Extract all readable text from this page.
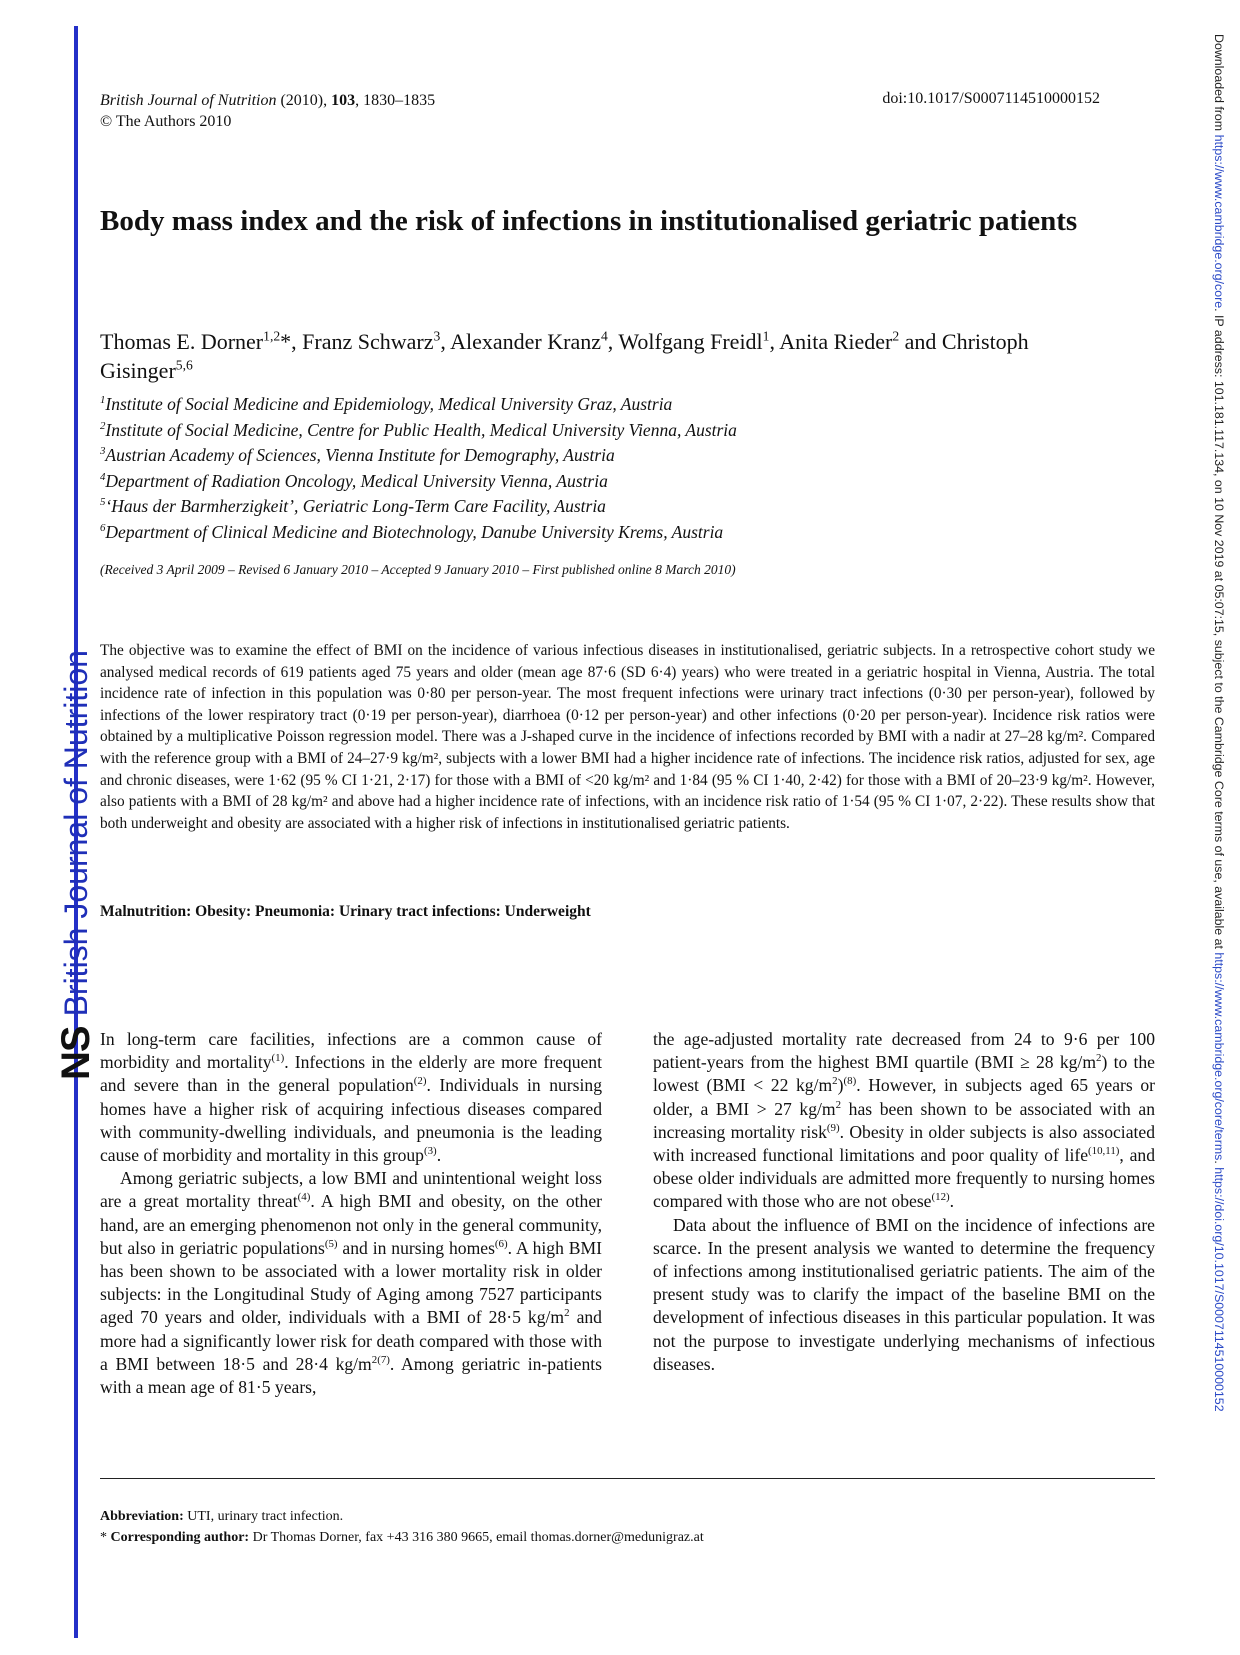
NS
British Journal of Nutrition
Downloaded from https://www.cambridge.org/core. IP address: 101.181.117.134, on 10 Nov 2019 at 05:07:15, subject to the Cambridge Core terms of use, available at https://www.cambridge.org/core/terms. https://doi.org/10.1017/S0007114510000152
British Journal of Nutrition (2010), 103, 1830–1835
© The Authors 2010
doi:10.1017/S0007114510000152
Body mass index and the risk of infections in institutionalised geriatric patients
Thomas E. Dorner$^{1,2}$*, Franz Schwarz$^3$, Alexander Kranz$^4$, Wolfgang Freidl$^1$, Anita Rieder$^2$ and Christoph Gisinger$^{5,6}$
$^1$Institute of Social Medicine and Epidemiology, Medical University Graz, Austria
$^2$Institute of Social Medicine, Centre for Public Health, Medical University Vienna, Austria
$^3$Austrian Academy of Sciences, Vienna Institute for Demography, Austria
$^4$Department of Radiation Oncology, Medical University Vienna, Austria
$^5$‘Haus der Barmherzigkeit’, Geriatric Long-Term Care Facility, Austria
$^6$Department of Clinical Medicine and Biotechnology, Danube University Krems, Austria
(Received 3 April 2009 – Revised 6 January 2010 – Accepted 9 January 2010 – First published online 8 March 2010)
The objective was to examine the effect of BMI on the incidence of various infectious diseases in institutionalised, geriatric subjects. In a retrospective cohort study we analysed medical records of 619 patients aged 75 years and older (mean age 87·6 (SD 6·4) years) who were treated in a geriatric hospital in Vienna, Austria. The total incidence rate of infection in this population was 0·80 per person-year. The most frequent infections were urinary tract infections (0·30 per person-year), followed by infections of the lower respiratory tract (0·19 per person-year), diarrhoea (0·12 per person-year) and other infections (0·20 per person-year). Incidence risk ratios were obtained by a multiplicative Poisson regression model. There was a J-shaped curve in the incidence of infections recorded by BMI with a nadir at 27–28 kg/m². Compared with the reference group with a BMI of 24–27·9 kg/m², subjects with a lower BMI had a higher incidence rate of infections. The incidence risk ratios, adjusted for sex, age and chronic diseases, were 1·62 (95 % CI 1·21, 2·17) for those with a BMI of <20 kg/m² and 1·84 (95 % CI 1·40, 2·42) for those with a BMI of 20–23·9 kg/m². However, also patients with a BMI of 28 kg/m² and above had a higher incidence rate of infections, with an incidence risk ratio of 1·54 (95 % CI 1·07, 2·22). These results show that both underweight and obesity are associated with a higher risk of infections in institutionalised geriatric patients.
Malnutrition: Obesity: Pneumonia: Urinary tract infections: Underweight

In long-term care facilities, infections are a common cause of morbidity and mortality$^{(1)}$. Infections in the elderly are more frequent and severe than in the general population$^{(2)}$. Individuals in nursing homes have a higher risk of acquiring infectious diseases compared with community-dwelling individuals, and pneumonia is the leading cause of morbidity and mortality in this group$^{(3)}$.

Among geriatric subjects, a low BMI and unintentional weight loss are a great mortality threat$^{(4)}$. A high BMI and obesity, on the other hand, are an emerging phenomenon not only in the general community, but also in geriatric populations$^{(5)}$ and in nursing homes$^{(6)}$. A high BMI has been shown to be associated with a lower mortality risk in older subjects: in the Longitudinal Study of Aging among 7527 participants aged 70 years and older, individuals with a BMI of 28·5 $kg/m^2$ and more had a significantly lower risk for death compared with those with a BMI between 18·5 and 28·4 $kg/m^{2(7)}$. Among geriatric in-patients with a mean age of 81·5 years,

the age-adjusted mortality rate decreased from 24 to 9·6 per 100 patient-years from the highest BMI quartile (BMI ≥ 28 $kg/m^2$) to the lowest (BMI < 22 $kg/m^2)^{(8)}$. However, in subjects aged 65 years or older, a BMI > 27 $kg/m^2$ has been shown to be associated with an increasing mortality risk$^{(9)}$. Obesity in older subjects is also associated with increased functional limitations and poor quality of life$^{(10,11)}$, and obese older individuals are admitted more frequently to nursing homes compared with those who are not obese$^{(12)}$.

Data about the influence of BMI on the incidence of infections are scarce. In the present analysis we wanted to determine the frequency of infections among institutionalised geriatric patients. The aim of the present study was to clarify the impact of the baseline BMI on the development of infectious diseases in this particular population. It was not the purpose to investigate underlying mechanisms of infectious diseases.

Abbreviation: UTI, urinary tract infection.
* Corresponding author: Dr Thomas Dorner, fax +43 316 380 9665, email thomas.dorner@medunigraz.at
